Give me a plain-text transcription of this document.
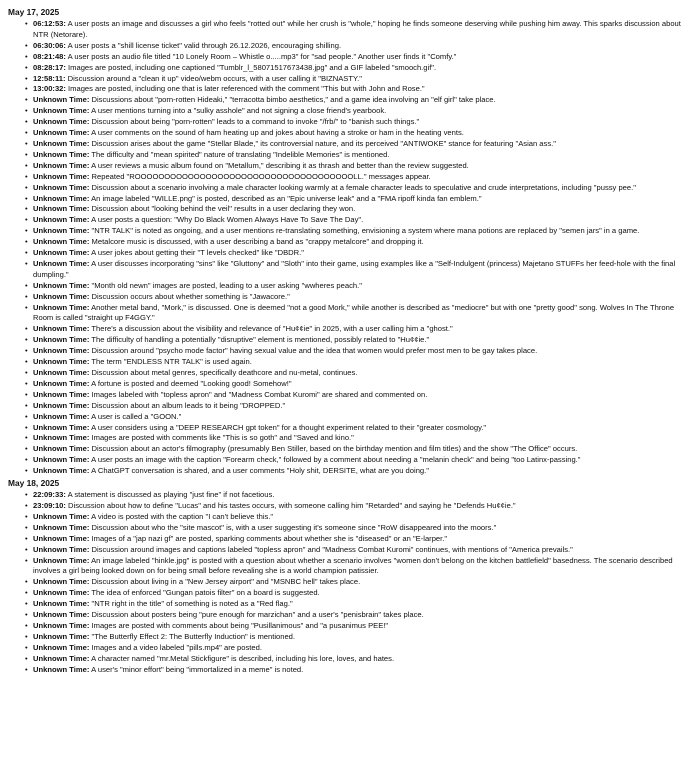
May 17, 2025
• 06:12:53: A user posts an image and discusses a girl who feels "rotted out" while her crush is "whole," hoping he finds someone deserving while pushing him away. This sparks discussion about NTR (Netorare).
• 06:30:06: A user posts a "shill license ticket" valid through 26.12.2026, encouraging shilling.
• 08:21:48: A user posts an audio file titled "10 Lonely Room – Whistle o.....mp3" for "sad people." Another user finds it "Comfy."
• 08:28:17: Images are posted, including one captioned "Tumblr_l_58071517673438.jpg" and a GIF labeled "smooch.gif".
• 12:58:11: Discussion around a "clean it up" video/webm occurs, with a user calling it "BIZNASTY."
• 13:00:32: Images are posted, including one that is later referenced with the comment "This but with John and Rose."
• Unknown Time: Discussions about "porn-rotten Hideaki," "terracotta bimbo aesthetics," and a game idea involving an "elf girl" take place.
• Unknown Time: A user mentions turning into a "sulky asshole" and not signing a close friend's yearbook.
• Unknown Time: Discussion about being "porn-rotten" leads to a command to invoke "/frb/" to "banish such things."
• Unknown Time: A user comments on the sound of ham heating up and jokes about having a stroke or ham in the heating vents.
• Unknown Time: Discussion arises about the game "Stellar Blade," its controversial nature, and its perceived "ANTIWOKE" stance for featuring "Asian ass."
• Unknown Time: The difficulty and "mean spirited" nature of translating "Indelible Memories" is mentioned.
• Unknown Time: A user reviews a music album found on "Metallum," describing it as thrash and better than the review suggested.
• Unknown Time: Repeated "ROOOOOOOOOOOOOOOOOOOOOOOOOOOOOOOOOOOOOLL." messages appear.
• Unknown Time: Discussion about a scenario involving a male character looking warmly at a female character leads to speculative and crude interpretations, including "pussy pee."
• Unknown Time: An image labeled "WILLE.png" is posted, described as an "Epic universe leak" and a "FMA ripoff kinda fan emblem."
• Unknown Time: Discussion about "looking behind the veil" results in a user declaring they won.
• Unknown Time: A user posts a question: "Why Do Black Women Always Have To Save The Day".
• Unknown Time: "NTR TALK" is noted as ongoing, and a user mentions re-translating something, envisioning a system where mana potions are replaced by "semen jars" in a game.
• Unknown Time: Metalcore music is discussed, with a user describing a band as "crappy metalcore" and dropping it.
• Unknown Time: A user jokes about getting their "T levels checked" like "DBDR."
• Unknown Time: A user discusses incorporating "sins" like "Gluttony" and "Sloth" into their game, using examples like a "Self-Indulgent (princess) Majetano STUFFs her feed-hole with the final dumpling."
• Unknown Time: "Month old newn" images are posted, leading to a user asking "wwheres peach."
• Unknown Time: Discussion occurs about whether something is "Jawacore."
• Unknown Time: Another metal band, "Mork," is discussed. One is deemed "not a good Mork," while another is described as "mediocre" but with one "pretty good" song. Wolves In The Throne Room is called "straight up F4GGY."
• Unknown Time: There's a discussion about the visibility and relevance of "Hu¢¢ie" in 2025, with a user calling him a "ghost."
• Unknown Time: The difficulty of handling a potentially "disruptive" element is mentioned, possibly related to "Hu¢¢ie."
• Unknown Time: Discussion around "psycho mode factor" having sexual value and the idea that women would prefer most men to be gay takes place.
• Unknown Time: The term "ENDLESS NTR TALK" is used again.
• Unknown Time: Discussion about metal genres, specifically deathcore and nu-metal, continues.
• Unknown Time: A fortune is posted and deemed "Looking good! Somehow!"
• Unknown Time: Images labeled with "topless apron" and "Madness Combat Kuromi" are shared and commented on.
• Unknown Time: Discussion about an album leads to it being "DROPPED."
• Unknown Time: A user is called a "GOON."
• Unknown Time: A user considers using a "DEEP RESEARCH gpt token" for a thought experiment related to their "greater cosmology."
• Unknown Time: Images are posted with comments like "This is so goth" and "Saved and kino."
• Unknown Time: Discussion about an actor's filmography (presumably Ben Stiller, based on the birthday mention and film titles) and the show "The Office" occurs.
• Unknown Time: A user posts an image with the caption "Forearm check," followed by a comment about needing a "melanin check" and being "too Latinx-passing."
• Unknown Time: A ChatGPT conversation is shared, and a user comments "Holy shit, DERSITE, what are you doing."
May 18, 2025
• 22:09:33: A statement is discussed as playing "just fine" if not facetious.
• 23:09:10: Discussion about how to define "Lucas" and his tastes occurs, with someone calling him "Retarded" and saying he "Defends Hu¢¢ie."
• Unknown Time: A video is posted with the caption "I can't believe this."
• Unknown Time: Discussion about who the "site mascot" is, with a user suggesting it's someone since "RoW disappeared into the moors."
• Unknown Time: Images of a "jap nazi gf" are posted, sparking comments about whether she is "diseased" or an "E-larper."
• Unknown Time: Discussion around images and captions labeled "topless apron" and "Madness Combat Kuromi" continues, with mentions of "America prevails."
• Unknown Time: An image labeled "hinkle.jpg" is posted with a question about whether a scenario involves "women don't belong on the kitchen battlefield" basedness. The scenario described involves a girl being looked down on for being small before revealing she is a world champion patissier.
• Unknown Time: Discussion about living in a "New Jersey airport" and "MSNBC hell" takes place.
• Unknown Time: The idea of enforced "Gungan patois filter" on a board is suggested.
• Unknown Time: "NTR right in the title" of something is noted as a "Red flag."
• Unknown Time: Discussion about posters being "pure enough for marzichan" and a user's "penisbrain" takes place.
• Unknown Time: Images are posted with comments about being "Pusillanimous" and "a pusanimus PEE!"
• Unknown Time: "The Butterfly Effect 2: The Butterfly Induction" is mentioned.
• Unknown Time: Images and a video labeled "pills.mp4" are posted.
• Unknown Time: A character named "mr.Metal Stickfigure" is described, including his lore, loves, and hates.
• Unknown Time: A user's "minor effort" being "immortalized in a meme" is noted.
